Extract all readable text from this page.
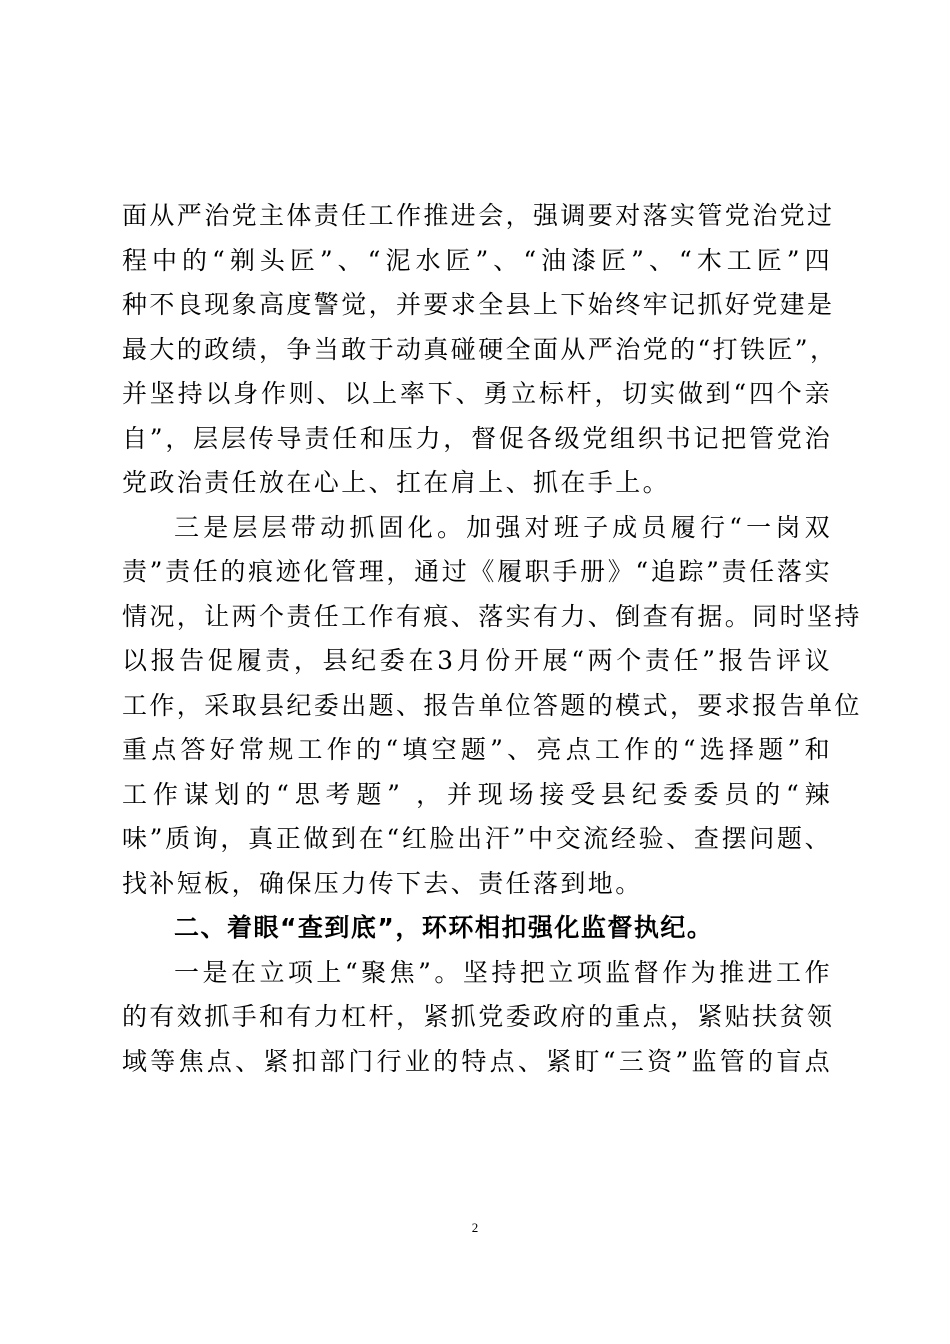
面从严治党主体责任工作推进会，强调要对落实管党治党过
程中的“剃头匠”、“泥水匠”、“油漆匠”、“木工匠”四
种不良现象高度警觉，并要求全县上下始终牢记抓好党建是
最大的政绩，争当敢于动真碰硬全面从严治党的“打铁匠”，
并坚持以身作则、以上率下、勇立标杆，切实做到“四个亲
自”，层层传导责任和压力，督促各级党组织书记把管党治
党政治责任放在心上、扛在肩上、抓在手上。
三是层层带动抓固化。加强对班子成员履行“一岗双
责”责任的痕迹化管理，通过《履职手册》“追踪”责任落实
情况，让两个责任工作有痕、落实有力、倒查有据。同时坚持
以报告促履责，县纪委在3月份开展“两个责任”报告评议
工作，采取县纪委出题、报告单位答题的模式，要求报告单位
重点答好常规工作的“填空题”、亮点工作的“选择题”和
工作谋划的“思考题” ，并现场接受县纪委委员的“辣
味”质询，真正做到在“红脸出汗”中交流经验、查摆问题、
找补短板，确保压力传下去、责任落到地。
二、着眼“查到底”，环环相扣强化监督执纪。
一是在立项上“聚焦”。坚持把立项监督作为推进工作
的有效抓手和有力杠杆，紧抓党委政府的重点，紧贴扶贫领
域等焦点、紧扣部门行业的特点、紧盯“三资”监管的盲点
2
